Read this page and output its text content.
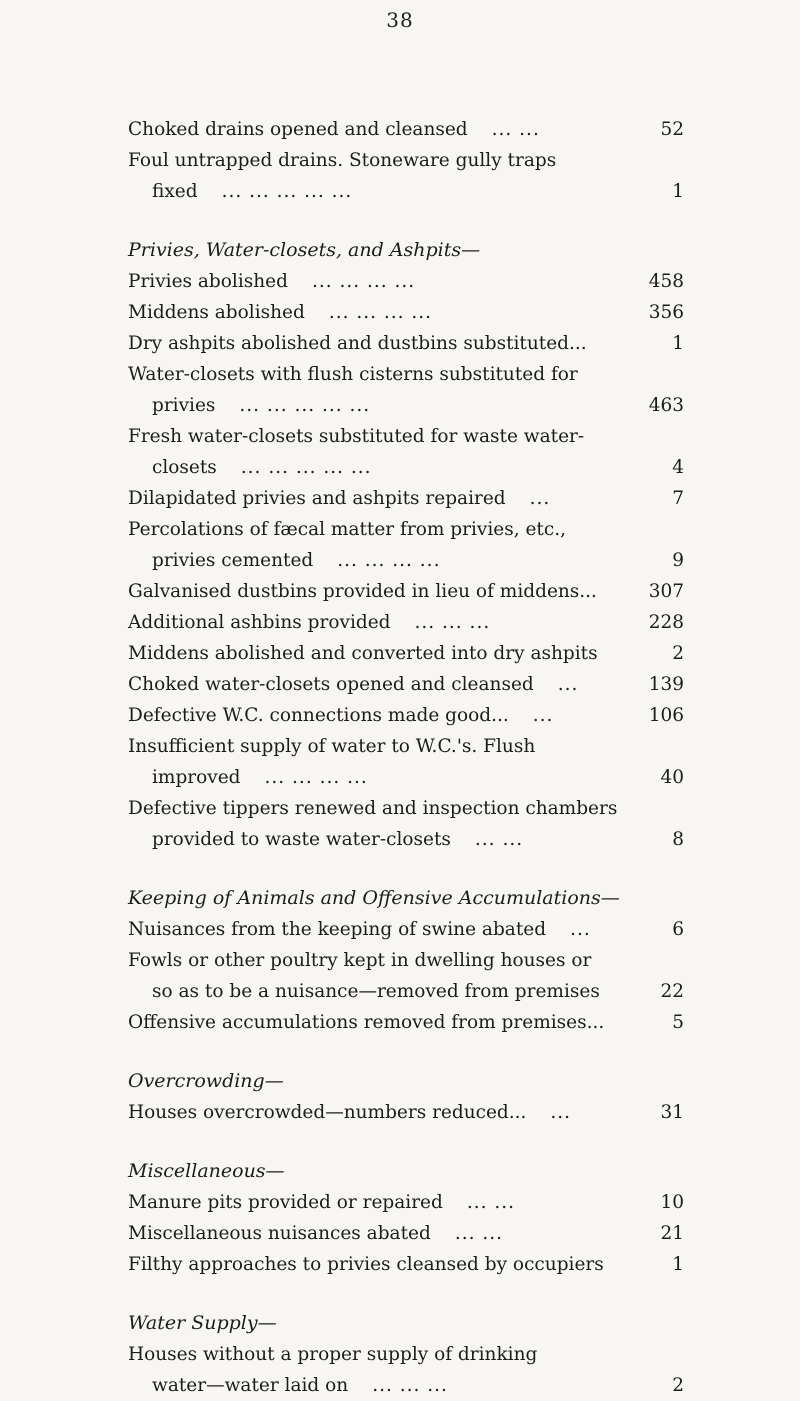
38
Choked drains opened and cleansed ... ...	52
Foul untrapped drains. Stoneware gully traps
fixed ... ... ... ... ...	1
Privies, Water-closets, and Ashpits—
Privies abolished ... ... ... ...	458
Middens abolished ... ... ... ...	356
Dry ashpits abolished and dustbins substituted...	1
Water-closets with flush cisterns substituted for
privies ... ... ... ... ...	463
Fresh water-closets substituted for waste water-
closets ... ... ... ... ...	4
Dilapidated privies and ashpits repaired ...	7
Percolations of fæcal matter from privies, etc.,
privies cemented ... ... ... ...	9
Galvanised dustbins provided in lieu of middens...	307
Additional ashbins provided ... ... ...	228
Middens abolished and converted into dry ashpits	2
Choked water-closets opened and cleansed ...	139
Defective W.C. connections made good... ...	106
Insufficient supply of water to W.C.'s. Flush
improved ... ... ... ...	40
Defective tippers renewed and inspection chambers
provided to waste water-closets ... ...	8
Keeping of Animals and Offensive Accumulations—
Nuisances from the keeping of swine abated ...	6
Fowls or other poultry kept in dwelling houses or
so as to be a nuisance—removed from premises	22
Offensive accumulations removed from premises...	5
Overcrowding—
Houses overcrowded—numbers reduced... ...	31
Miscellaneous—
Manure pits provided or repaired ... ...	10
Miscellaneous nuisances abated ... ...	21
Filthy approaches to privies cleansed by occupiers	1
Water Supply—
Houses without a proper supply of drinking
water—water laid on ... ... ...	2
